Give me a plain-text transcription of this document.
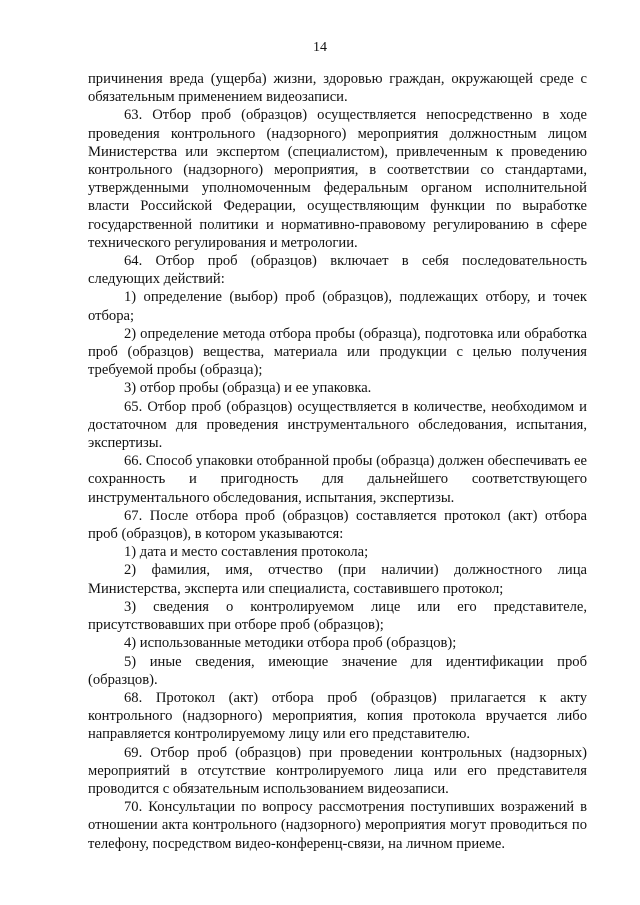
14

причинения вреда (ущерба) жизни, здоровью граждан, окружающей среде с обязательным применением видеозаписи.

63. Отбор проб (образцов) осуществляется непосредственно в ходе проведения контрольного (надзорного) мероприятия должностным лицом Министерства или экспертом (специалистом), привлеченным к проведению контрольного (надзорного) мероприятия, в соответствии со стандартами, утвержденными уполномоченным федеральным органом исполнительной власти Российской Федерации, осуществляющим функции по выработке государственной политики и нормативно-правовому регулированию в сфере технического регулирования и метрологии.

64. Отбор проб (образцов) включает в себя последовательность следующих действий:

1) определение (выбор) проб (образцов), подлежащих отбору, и точек отбора;

2) определение метода отбора пробы (образца), подготовка или обработка проб (образцов) вещества, материала или продукции с целью получения требуемой пробы (образца);

3) отбор пробы (образца) и ее упаковка.

65. Отбор проб (образцов) осуществляется в количестве, необходимом и достаточном для проведения инструментального обследования, испытания, экспертизы.

66. Способ упаковки отобранной пробы (образца) должен обеспечивать ее сохранность и пригодность для дальнейшего соответствующего инструментального обследования, испытания, экспертизы.

67. После отбора проб (образцов) составляется протокол (акт) отбора проб (образцов), в котором указываются:

1) дата и место составления протокола;

2) фамилия, имя, отчество (при наличии) должностного лица Министерства, эксперта или специалиста, составившего протокол;

3) сведения о контролируемом лице или его представителе, присутствовавших при отборе проб (образцов);

4) использованные методики отбора проб (образцов);

5) иные сведения, имеющие значение для идентификации проб (образцов).

68. Протокол (акт) отбора проб (образцов) прилагается к акту контрольного (надзорного) мероприятия, копия протокола вручается либо направляется контролируемому лицу или его представителю.

69. Отбор проб (образцов) при проведении контрольных (надзорных) мероприятий в отсутствие контролируемого лица или его представителя проводится с обязательным использованием видеозаписи.

70. Консультации по вопросу рассмотрения поступивших возражений в отношении акта контрольного (надзорного) мероприятия могут проводиться по телефону, посредством видео-конференц-связи, на личном приеме.
